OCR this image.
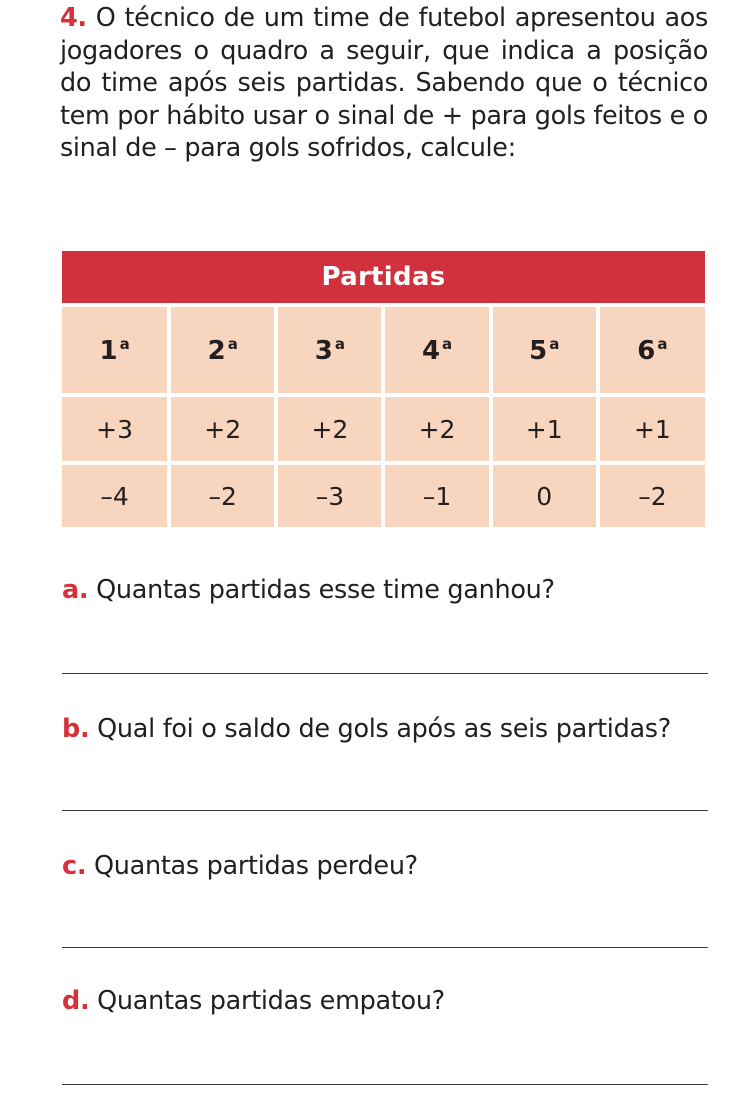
4. O técnico de um time de futebol apresentou aos jogadores o quadro a seguir, que indica a posição do time após seis partidas. Sabendo que o técnico tem por hábito usar o sinal de + para gols feitos e o sinal de – para gols sofridos, calcule:

Partidas					
1 $^a$	2 $^a$	3 $^a$	4 $^a$	5 $^a$	6 $^a$
+3	+2	+2	+2	+1	+1
–4	–2	–3	–1	0	–2

a. Quantas partidas esse time ganhou?

b. Qual foi o saldo de gols após as seis partidas?

c. Quantas partidas perdeu?

d. Quantas partidas empatou?
